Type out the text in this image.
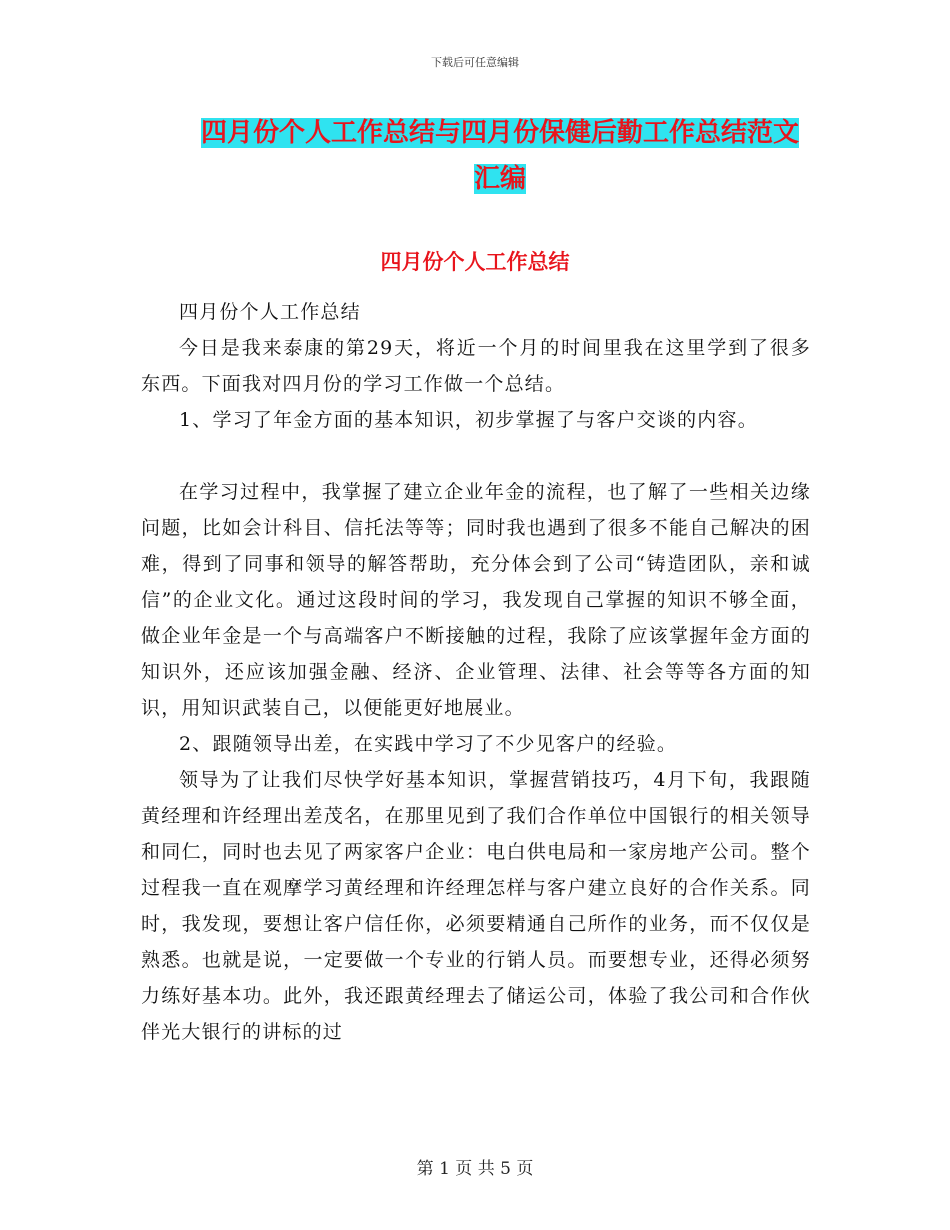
下载后可任意编辑
四月份个人工作总结与四月份保健后勤工作总结范文
汇编
四月份个人工作总结

四月份个人工作总结

今日是我来泰康的第29天，将近一个月的时间里我在这里学到了很多东西。下面我对四月份的学习工作做一个总结。

1、学习了年金方面的基本知识，初步掌握了与客户交谈的内容。

在学习过程中，我掌握了建立企业年金的流程，也了解了一些相关边缘问题，比如会计科目、信托法等等；同时我也遇到了很多不能自己解决的困难，得到了同事和领导的解答帮助，充分体会到了公司“铸造团队，亲和诚信”的企业文化。通过这段时间的学习，我发现自己掌握的知识不够全面，做企业年金是一个与高端客户不断接触的过程，我除了应该掌握年金方面的知识外，还应该加强金融、经济、企业管理、法律、社会等等各方面的知识，用知识武装自己，以便能更好地展业。

2、跟随领导出差，在实践中学习了不少见客户的经验。

领导为了让我们尽快学好基本知识，掌握营销技巧，4月下旬，我跟随黄经理和许经理出差茂名，在那里见到了我们合作单位中国银行的相关领导和同仁，同时也去见了两家客户企业：电白供电局和一家房地产公司。整个过程我一直在观摩学习黄经理和许经理怎样与客户建立良好的合作关系。同时，我发现，要想让客户信任你，必须要精通自己所作的业务，而不仅仅是熟悉。也就是说，一定要做一个专业的行销人员。而要想专业，还得必须努力练好基本功。此外，我还跟黄经理去了储运公司，体验了我公司和合作伙伴光大银行的讲标的过

第 1 页 共 5 页
